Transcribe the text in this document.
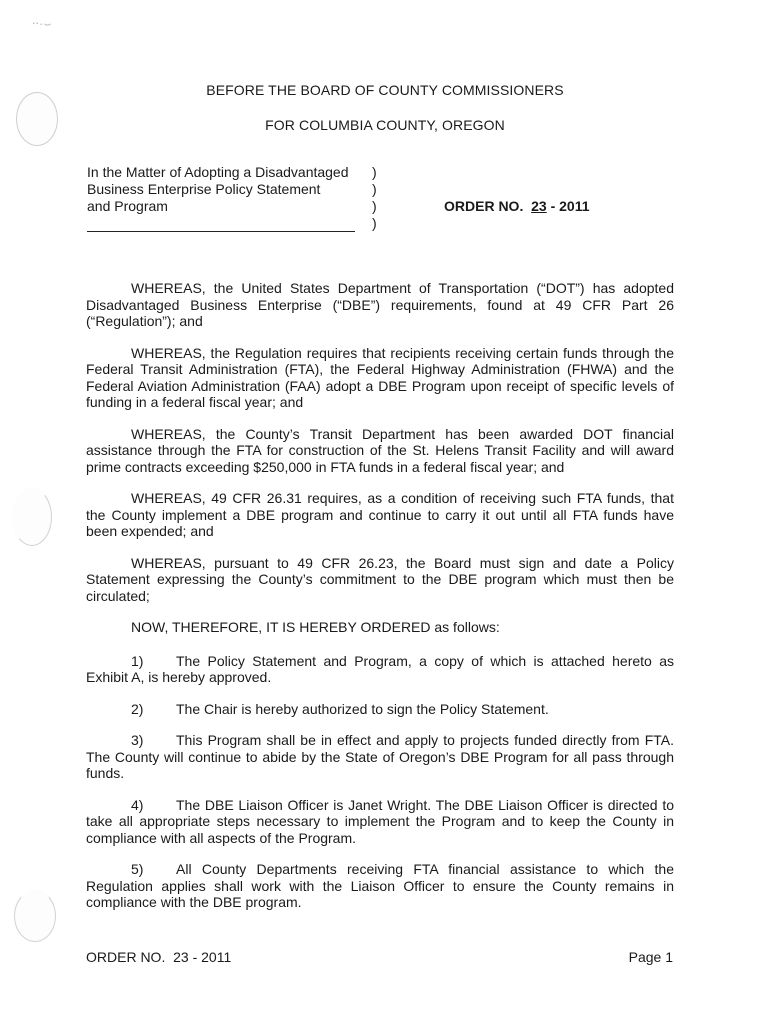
⸱⸱·⌣
BEFORE THE BOARD OF COUNTY COMMISSIONERS
FOR COLUMBIA COUNTY, OREGON
In the Matter of Adopting a Disadvantaged
Business Enterprise Policy Statement
and Program
)
)
)
)
ORDER NO. 23 - 2011

WHEREAS, the United States Department of Transportation (“DOT”) has adopted Disadvantaged Business Enterprise (“DBE”) requirements, found at 49 CFR Part 26 (“Regulation”); and

WHEREAS, the Regulation requires that recipients receiving certain funds through the Federal Transit Administration (FTA), the Federal Highway Administration (FHWA) and the Federal Aviation Administration (FAA) adopt a DBE Program upon receipt of specific levels of funding in a federal fiscal year; and

WHEREAS, the County’s Transit Department has been awarded DOT financial assistance through the FTA for construction of the St. Helens Transit Facility and will award prime contracts exceeding $250,000 in FTA funds in a federal fiscal year; and

WHEREAS, 49 CFR 26.31 requires, as a condition of receiving such FTA funds, that the County implement a DBE program and continue to carry it out until all FTA funds have been expended; and

WHEREAS, pursuant to 49 CFR 26.23, the Board must sign and date a Policy Statement expressing the County’s commitment to the DBE program which must then be circulated;

NOW, THEREFORE, IT IS HEREBY ORDERED as follows:

1) The Policy Statement and Program, a copy of which is attached hereto as Exhibit A, is hereby approved.

2) The Chair is hereby authorized to sign the Policy Statement.

3) This Program shall be in effect and apply to projects funded directly from FTA. The County will continue to abide by the State of Oregon’s DBE Program for all pass through funds.

4) The DBE Liaison Officer is Janet Wright. The DBE Liaison Officer is directed to take all appropriate steps necessary to implement the Program and to keep the County in compliance with all aspects of the Program.

5) All County Departments receiving FTA financial assistance to which the Regulation applies shall work with the Liaison Officer to ensure the County remains in compliance with the DBE program.

ORDER NO.  23 - 2011	Page 1
